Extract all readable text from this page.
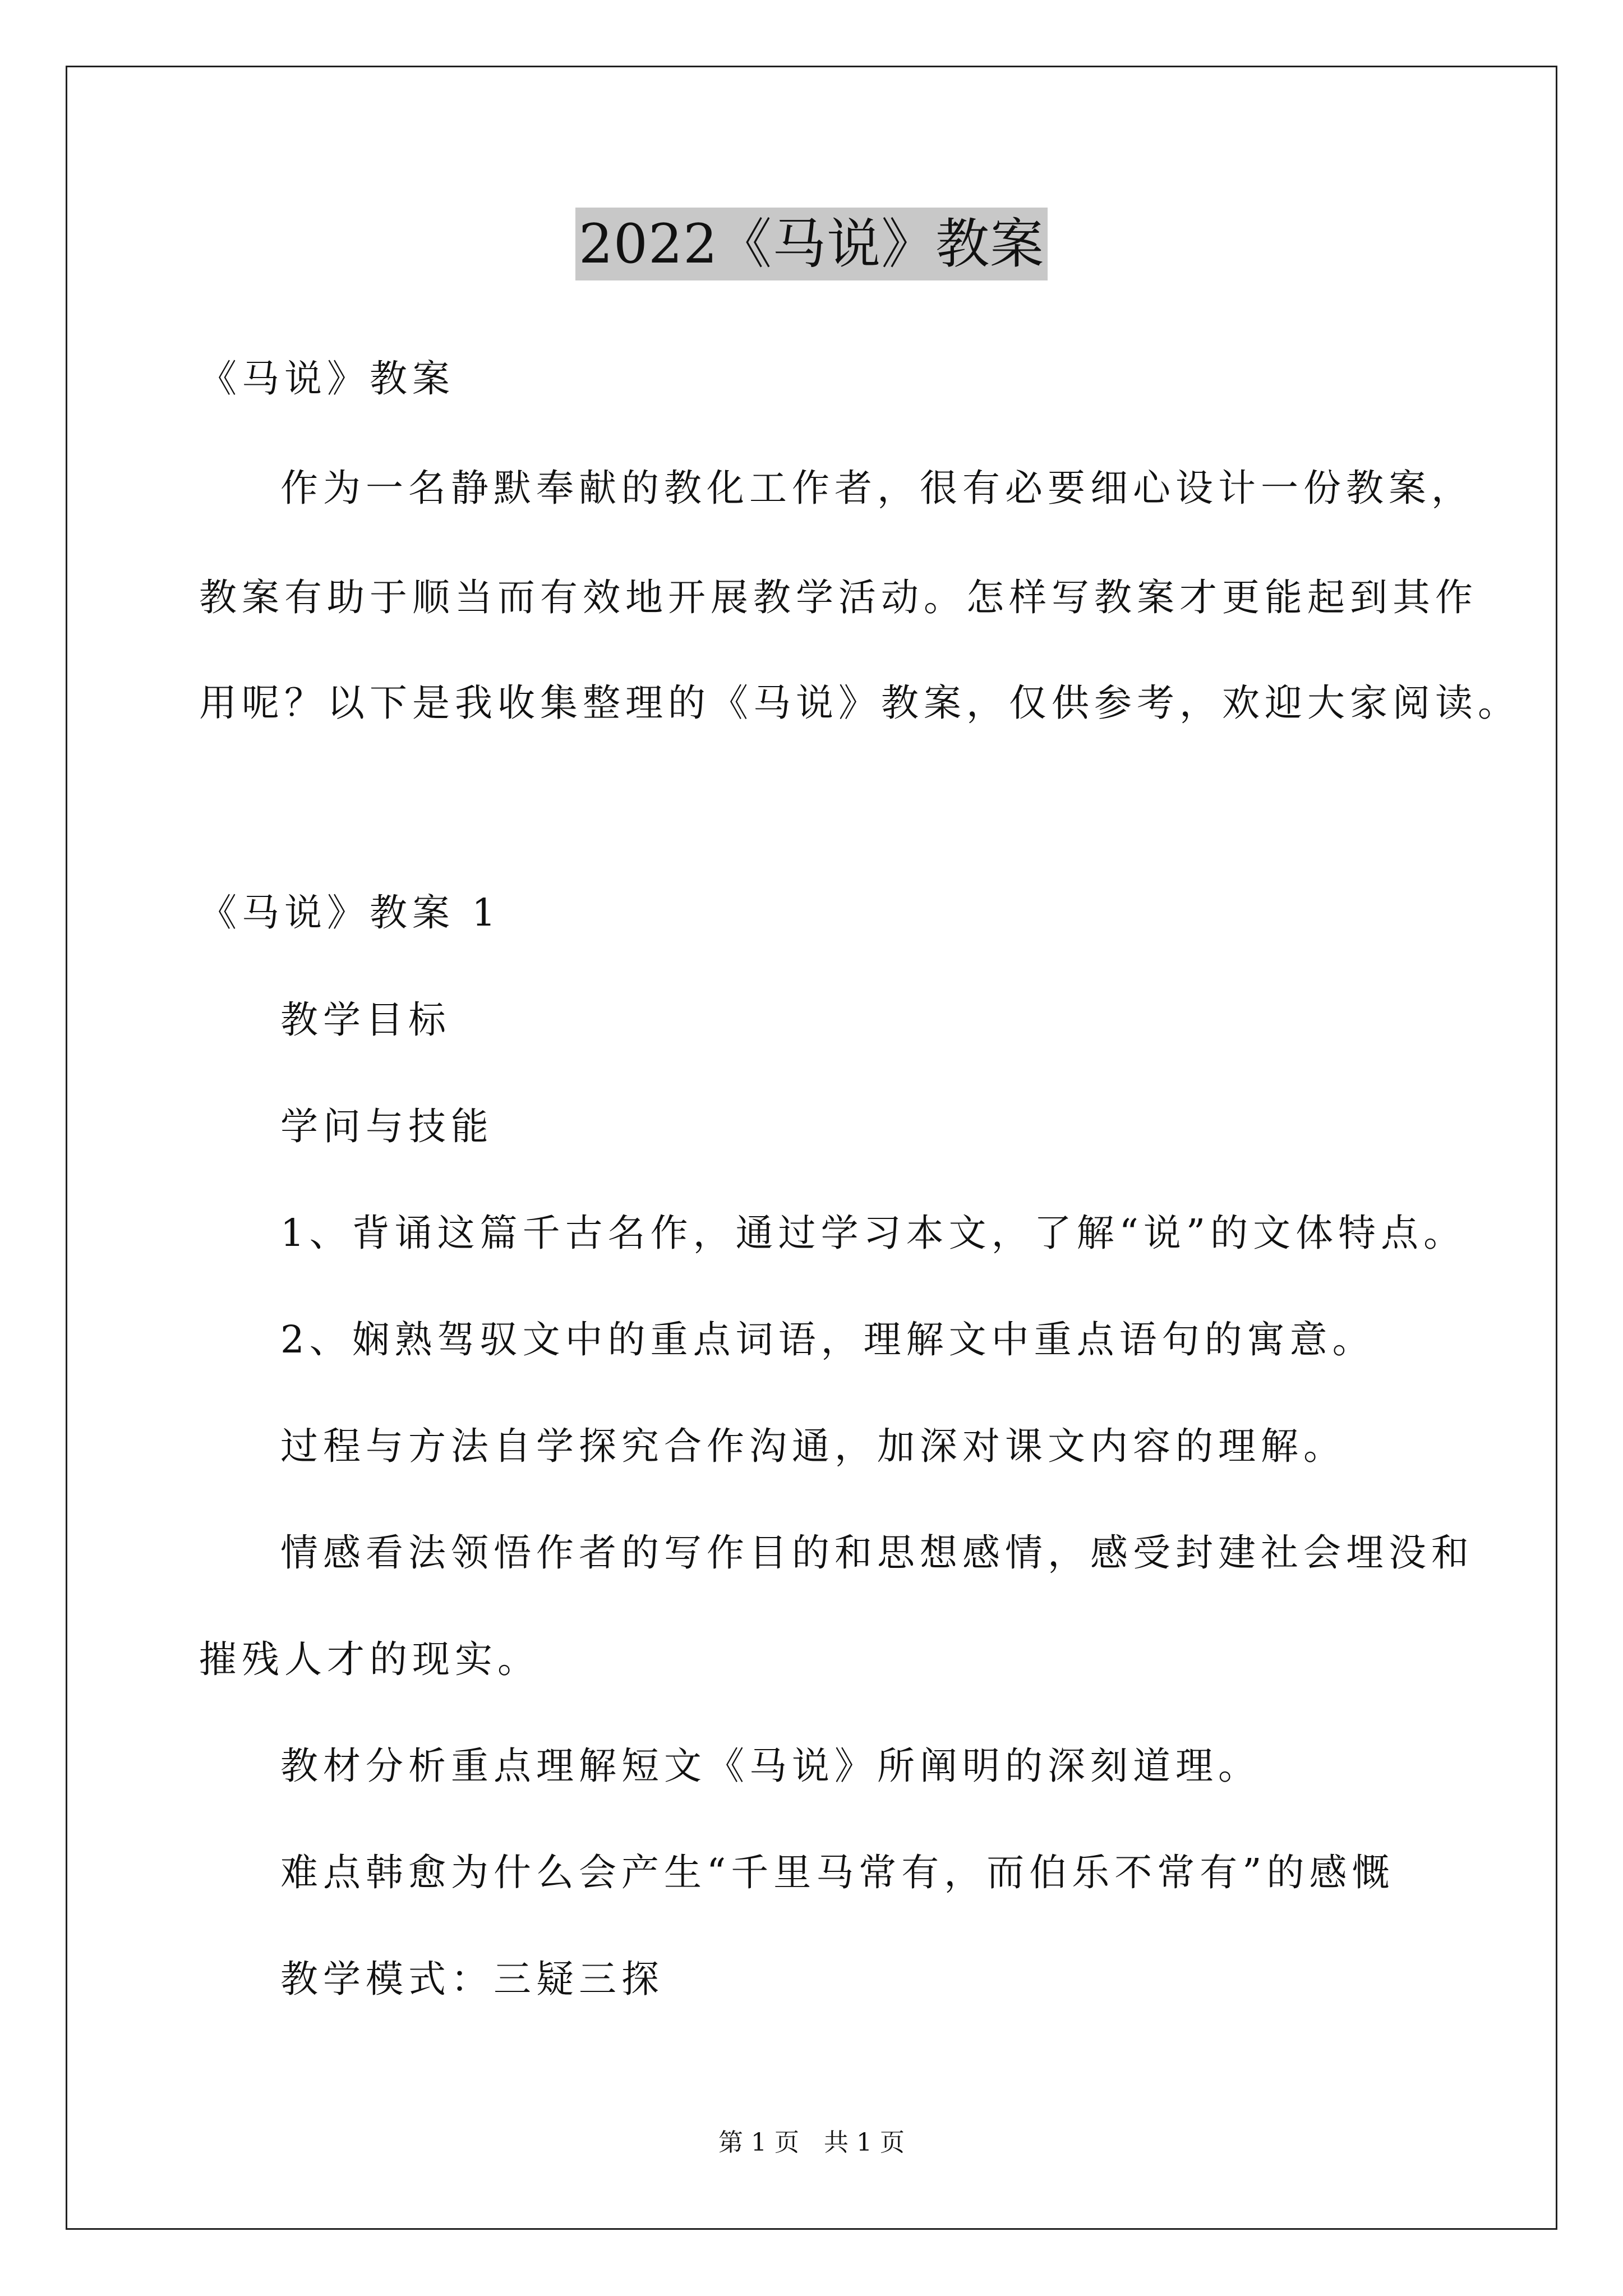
2022《马说》教案
《马说》教案
作为一名静默奉献的教化工作者，很有必要细心设计一份教案，
教案有助于顺当而有效地开展教学活动。怎样写教案才更能起到其作
用呢？以下是我收集整理的《马说》教案，仅供参考，欢迎大家阅读。
《马说》教案 1
教学目标
学问与技能
1、背诵这篇千古名作，通过学习本文，了解“说”的文体特点。
2、娴熟驾驭文中的重点词语，理解文中重点语句的寓意。
过程与方法自学探究合作沟通，加深对课文内容的理解。
情感看法领悟作者的写作目的和思想感情，感受封建社会埋没和
摧残人才的现实。
教材分析重点理解短文《马说》所阐明的深刻道理。
难点韩愈为什么会产生“千里马常有，而伯乐不常有”的感慨
教学模式：三疑三探
第 1 页　共 1 页
